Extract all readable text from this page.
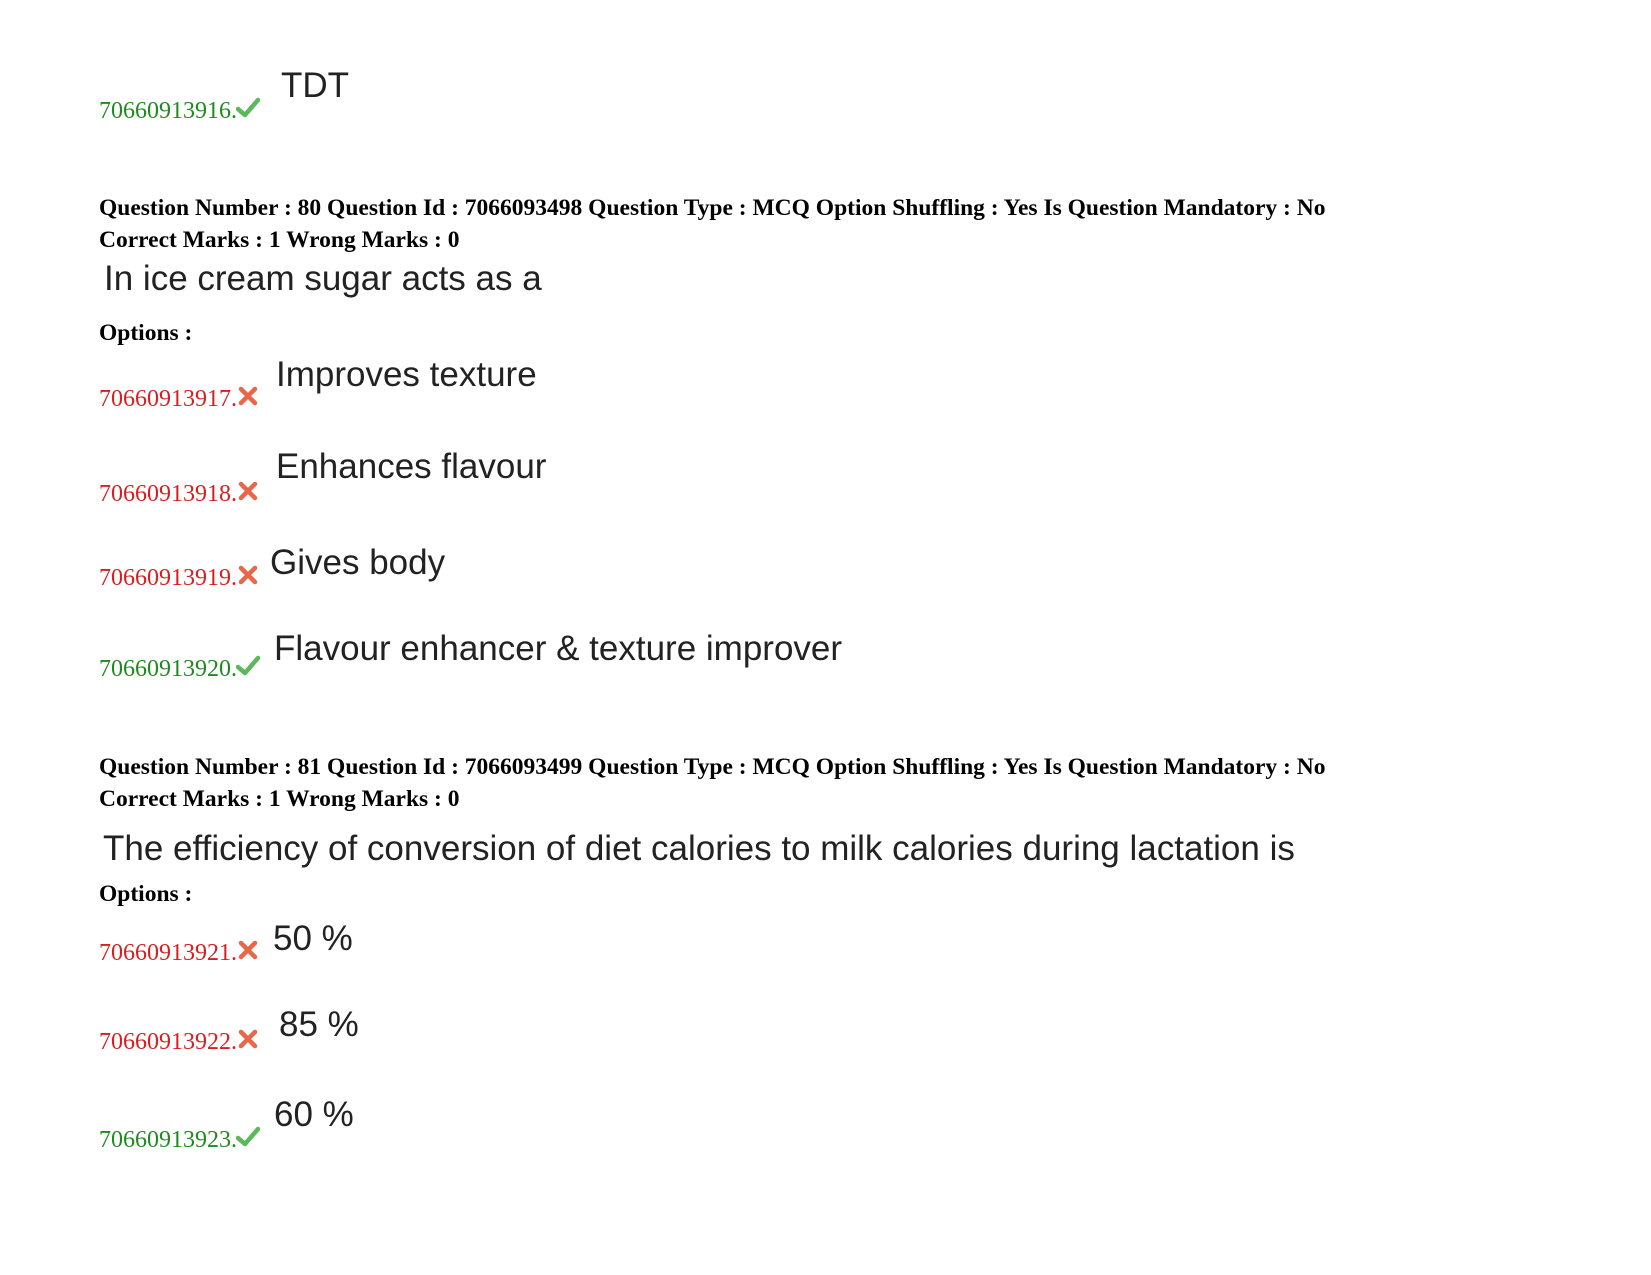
70660913916.
TDT
Question Number : 80 Question Id : 7066093498 Question Type : MCQ Option Shuffling : Yes Is Question Mandatory : No
Correct Marks : 1 Wrong Marks : 0
In ice cream sugar acts as a
Options :
70660913917.
Improves texture
70660913918.
Enhances flavour
70660913919. Gives body
70660913920.
Flavour enhancer & texture improver
Question Number : 81 Question Id : 7066093499 Question Type : MCQ Option Shuffling : Yes Is Question Mandatory : No
Correct Marks : 1 Wrong Marks : 0
The efficiency of conversion of diet calories to milk calories during lactation is
Options :
70660913921. 50 %
70660913922. 85 %
70660913923.
60 %
